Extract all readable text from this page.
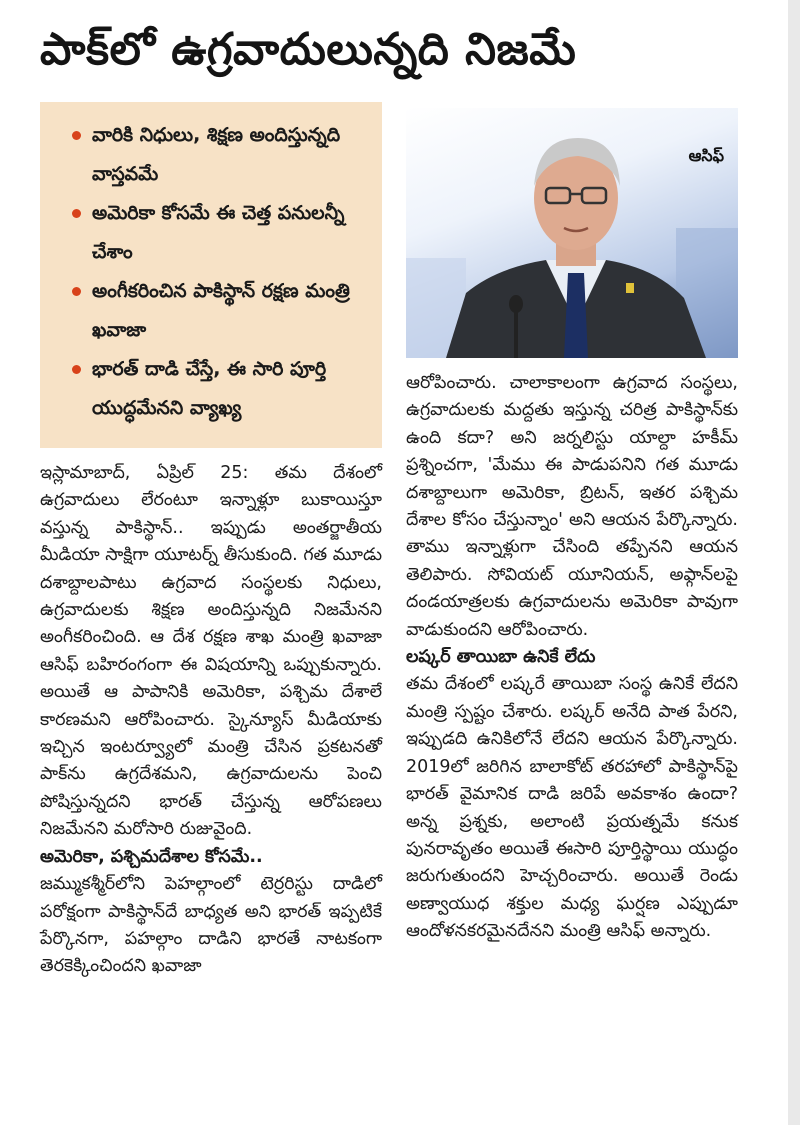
పాక్‌లో ఉగ్రవాదులున్నది నిజమే
వారికి నిధులు, శిక్షణ అందిస్తున్నది వాస్తవమే
అమెరికా కోసమే ఈ చెత్త పనులన్నీ చేశాం
అంగీకరించిన పాకిస్థాన్ రక్షణ మంత్రి ఖవాజా
భారత్ దాడి చేస్తే, ఈ సారి పూర్తి యుద్ధమేనని వ్యాఖ్య
ఆసిఫ్

ఇస్లామాబాద్, ఏప్రిల్ 25: తమ దేశంలో ఉగ్రవాదులు లేరంటూ ఇన్నాళ్లూ బుకాయిస్తూ వస్తున్న పాకిస్థాన్.. ఇప్పుడు అంతర్జాతీయ మీడియా సాక్షిగా యూటర్న్ తీసుకుంది. గత మూడు దశాబ్దాలపాటు ఉగ్రవాద సంస్థలకు నిధులు, ఉగ్రవాదులకు శిక్షణ అందిస్తున్నది నిజమేనని అంగీకరించింది. ఆ దేశ రక్షణ శాఖ మంత్రి ఖవాజా ఆసిఫ్ బహిరంగంగా ఈ విషయాన్ని ఒప్పుకున్నారు. అయితే ఆ పాపానికి అమెరికా, పశ్చిమ దేశాలే కారణమని ఆరోపించారు. స్కైన్యూస్ మీడియాకు ఇచ్చిన ఇంటర్వ్యూలో మంత్రి చేసిన ప్రకటనతో పాక్‌ను ఉగ్రదేశమని, ఉగ్రవాదులను పెంచి పోషిస్తున్నదని భారత్ చేస్తున్న ఆరోపణలు నిజమేనని మరోసారి రుజువైంది.

అమెరికా, పశ్చిమదేశాల కోసమే..

జమ్ముకశ్మీర్‌లోని పెహల్గాంలో టెర్రరిస్టు దాడిలో పరోక్షంగా పాకిస్థాన్‌దే బాధ్యత అని భారత్ ఇప్పటికే పేర్కొనగా, పహల్గాం దాడిని భారతే నాటకంగా తెరకెక్కించిందని ఖవాజా

ఆరోపించారు. చాలాకాలంగా ఉగ్రవాద సంస్థలు, ఉగ్రవాదులకు మద్దతు ఇస్తున్న చరిత్ర పాకిస్థాన్‌కు ఉంది కదా? అని జర్నలిస్టు యాల్దా హకీమ్ ప్రశ్నించగా, 'మేము ఈ పాడుపనిని గత మూడు దశాబ్దాలుగా అమెరికా, బ్రిటన్, ఇతర పశ్చిమ దేశాల కోసం చేస్తున్నాం' అని ఆయన పేర్కొన్నారు. తాము ఇన్నాళ్లుగా చేసింది తప్పేనని ఆయన తెలిపారు. సోవియట్ యూనియన్, అఫ్గాన్‌లపై దండయాత్రలకు ఉగ్రవాదులను అమెరికా పావుగా వాడుకుందని ఆరోపించారు.

లష్కర్ తాయిబా ఉనికే లేదు

తమ దేశంలో లష్కరే తాయిబా సంస్థ ఉనికే లేదని మంత్రి స్పష్టం చేశారు. లష్కర్ అనేది పాత పేరని, ఇప్పుడది ఉనికిలోనే లేదని ఆయన పేర్కొన్నారు. 2019లో జరిగిన బాలాకోట్ తరహాలో పాకిస్థాన్‌పై భారత్ వైమానిక దాడి జరిపే అవకాశం ఉందా? అన్న ప్రశ్నకు, అలాంటి ప్రయత్నమే కనుక పునరావృతం అయితే ఈసారి పూర్తిస్థాయి యుద్ధం జరుగుతుందని హెచ్చరించారు. అయితే రెండు అణ్వాయుధ శక్తుల మధ్య ఘర్షణ ఎప్పుడూ ఆందోళనకరమైనదేనని మంత్రి ఆసిఫ్ అన్నారు.
